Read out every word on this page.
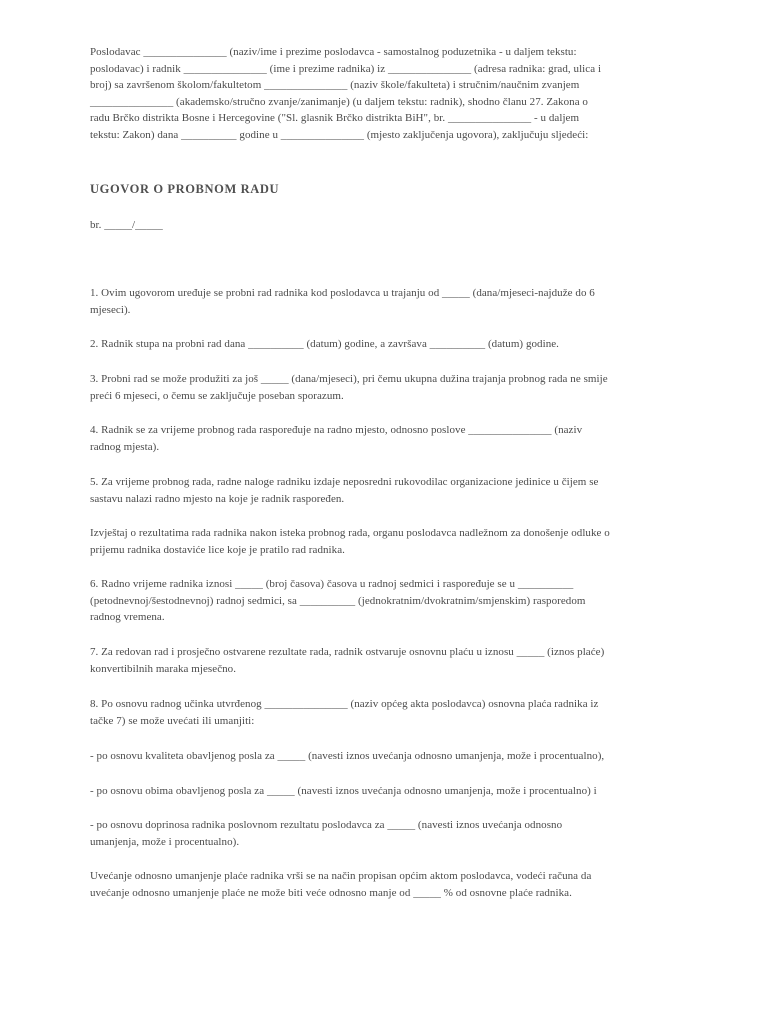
Poslodavac _______________ (naziv/ime i prezime poslodavca - samostalnog poduzetnika - u daljem tekstu:
poslodavac) i radnik _______________ (ime i prezime radnika) iz _______________ (adresa radnika: grad, ulica i
broj) sa završenom školom/fakultetom _______________ (naziv škole/fakulteta) i stručnim/naučnim zvanjem
_______________ (akademsko/stručno zvanje/zanimanje) (u daljem tekstu: radnik), shodno članu 27. Zakona o
radu Brčko distrikta Bosne i Hercegovine ("Sl. glasnik Brčko distrikta BiH", br. _______________ - u daljem
tekstu: Zakon) dana __________ godine u _______________ (mjesto zaključenja ugovora), zaključuju sljedeći:
UGOVOR O PROBNOM RADU
br. _____/_____
1. Ovim ugovorom uređuje se probni rad radnika kod poslodavca u trajanju od _____ (dana/mjeseci-najduže do 6
mjeseci).
2. Radnik stupa na probni rad dana __________ (datum) godine, a završava __________ (datum) godine.
3. Probni rad se može produžiti za još _____ (dana/mjeseci), pri čemu ukupna dužina trajanja probnog rada ne smije
preći 6 mjeseci, o čemu se zaključuje poseban sporazum.
4. Radnik se za vrijeme probnog rada raspoređuje na radno mjesto, odnosno poslove _______________ (naziv
radnog mjesta).
5. Za vrijeme probnog rada, radne naloge radniku izdaje neposredni rukovodilac organizacione jedinice u čijem se
sastavu nalazi radno mjesto na koje je radnik raspoređen.
Izvještaj o rezultatima rada radnika nakon isteka probnog rada, organu poslodavca nadležnom za donošenje odluke o
prijemu radnika dostaviće lice koje je pratilo rad radnika.
6. Radno vrijeme radnika iznosi _____ (broj časova) časova u radnoj sedmici i raspoređuje se u __________
(petodnevnoj/šestodnevnoj) radnoj sedmici, sa __________ (jednokratnim/dvokratnim/smjenskim) rasporedom
radnog vremena.
7. Za redovan rad i prosječno ostvarene rezultate rada, radnik ostvaruje osnovnu plaću u iznosu _____ (iznos plaće)
konvertibilnih maraka mjesečno.
8. Po osnovu radnog učinka utvrđenog _______________ (naziv općeg akta poslodavca) osnovna plaća radnika iz
tačke 7) se može uvećati ili umanjiti:
- po osnovu kvaliteta obavljenog posla za _____ (navesti iznos uvećanja odnosno umanjenja, može i procentualno),
- po osnovu obima obavljenog posla za _____ (navesti iznos uvećanja odnosno umanjenja, može i procentualno) i
- po osnovu doprinosa radnika poslovnom rezultatu poslodavca za _____ (navesti iznos uvećanja odnosno
umanjenja, može i procentualno).
Uvećanje odnosno umanjenje plaće radnika vrši se na način propisan općim aktom poslodavca, vodeći računa da
uvećanje odnosno umanjenje plaće ne može biti veće odnosno manje od _____ % od osnovne plaće radnika.
